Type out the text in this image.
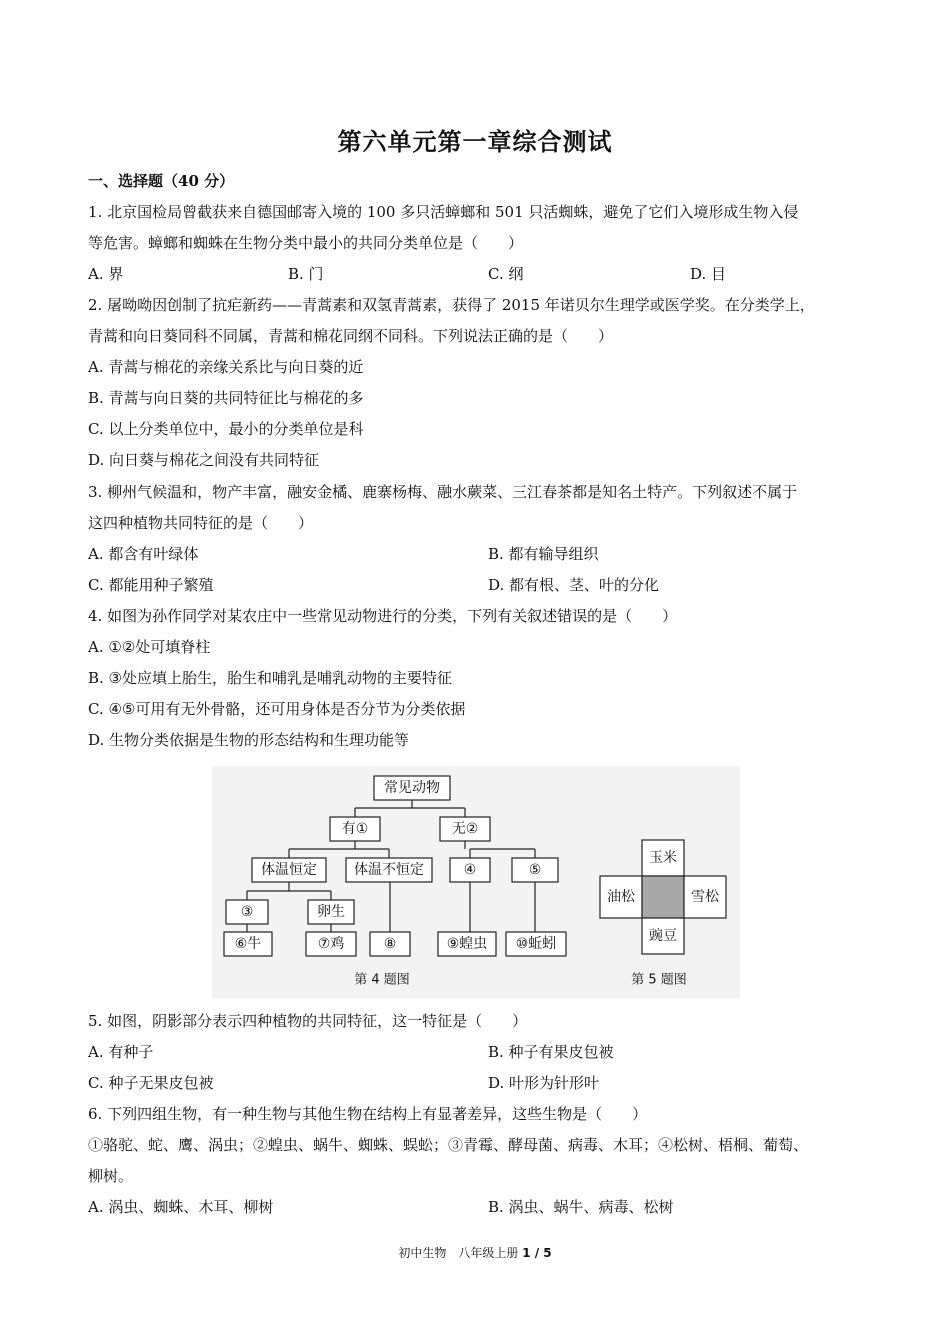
第六单元第一章综合测试
一、选择题（40 分）
1. 北京国检局曾截获来自德国邮寄入境的 100 多只活蟑螂和 501 只活蜘蛛，避免了它们入境形成生物入侵
等危害。蟑螂和蜘蛛在生物分类中最小的共同分类单位是（　　）
A. 界	B. 门	C. 纲	D. 目
2. 屠呦呦因创制了抗疟新药——青蒿素和双氢青蒿素，获得了 2015 年诺贝尔生理学或医学奖。在分类学上，
青蒿和向日葵同科不同属，青蒿和棉花同纲不同科。下列说法正确的是（　　）
A. 青蒿与棉花的亲缘关系比与向日葵的近
B. 青蒿与向日葵的共同特征比与棉花的多
C. 以上分类单位中，最小的分类单位是科
D. 向日葵与棉花之间没有共同特征
3. 柳州气候温和，物产丰富，融安金橘、鹿寨杨梅、融水蕨菜、三江春茶都是知名土特产。下列叙述不属于
这四种植物共同特征的是（　　）
A. 都含有叶绿体	B. 都有输导组织
C. 都能用种子繁殖	D. 都有根、茎、叶的分化
4. 如图为孙作同学对某农庄中一些常见动物进行的分类，下列有关叙述错误的是（　　）
A. ①②处可填脊柱
B. ③处应填上胎生，胎生和哺乳是哺乳动物的主要特征
C. ④⑤可用有无外骨骼，还可用身体是否分节为分类依据
D. 生物分类依据是生物的形态结构和生理功能等
常见动物
有①	无②
体温恒定	体温不恒定	④	⑤
③	卵生
⑥牛	⑦鸡	⑧	⑨蝗虫 ⑩蚯蚓
第 4 题图
玉米
油松	雪松
豌豆
第 5 题图
5. 如图，阴影部分表示四种植物的共同特征，这一特征是（　　）
A. 有种子	B. 种子有果皮包被
C. 种子无果皮包被	D. 叶形为针形叶
6. 下列四组生物，有一种生物与其他生物在结构上有显著差异，这些生物是（　　）
①骆驼、蛇、鹰、涡虫；②蝗虫、蜗牛、蜘蛛、蜈蚣；③青霉、酵母菌、病毒、木耳；④松树、梧桐、葡萄、
柳树。
A. 涡虫、蜘蛛、木耳、柳树	B. 涡虫、蜗牛、病毒、松树
初中生物　八年级上册 1 / 5
